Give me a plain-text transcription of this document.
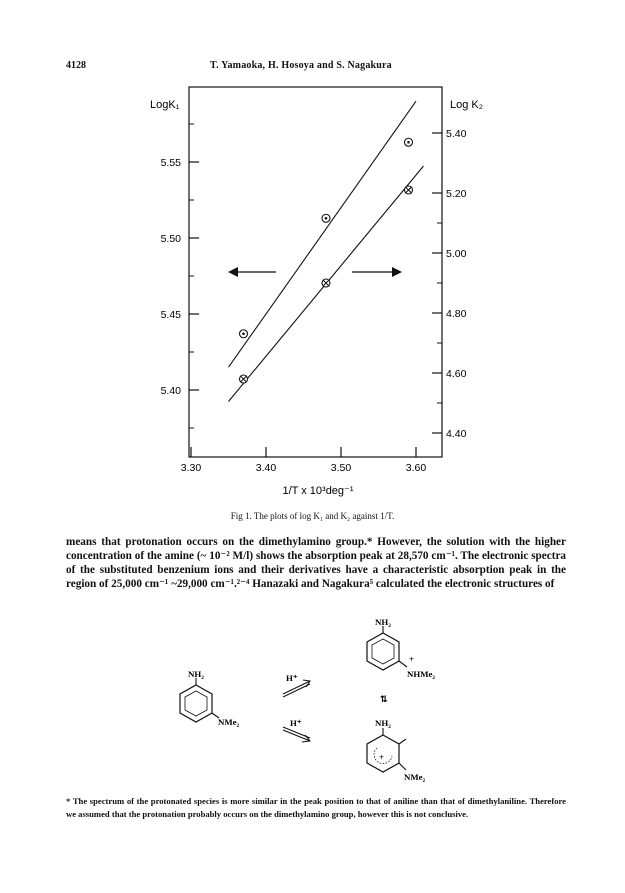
4128	T. Yamaoka, H. Hosoya and S. Nagakura
5.55
5.50
5.45
5.40
5.40
5.20
5.00
4.80
4.60
4.40
3.30	3.40	3.50	3.60
LogK₁	Log K₂
1/T x 10³deg⁻¹
Fig 1. The plots of log K₁ and K₂ against 1/T.
means that protonation occurs on the dimethylamino group.* However, the solution with the higher concentration of the amine (~ 10⁻² M/l) shows the absorption peak at 28,570 cm⁻¹. The electronic spectra of the substituted benzenium ions and their derivatives have a characteristic absorption peak in the region of 25,000 cm⁻¹ ~29,000 cm⁻¹.²⁻⁴ Hanazaki and Nagakura⁵ calculated the electronic structures of
NH₂
NMe₂
H⁺
H⁺
NH₂
+
NHMe₂
⇅
NH₂
+
NMe₂
* The spectrum of the protonated species is more similar in the peak position to that of aniline than that of dimethylaniline. Therefore we assumed that the protonation probably occurs on the dimethylamino group, however this is not conclusive.
